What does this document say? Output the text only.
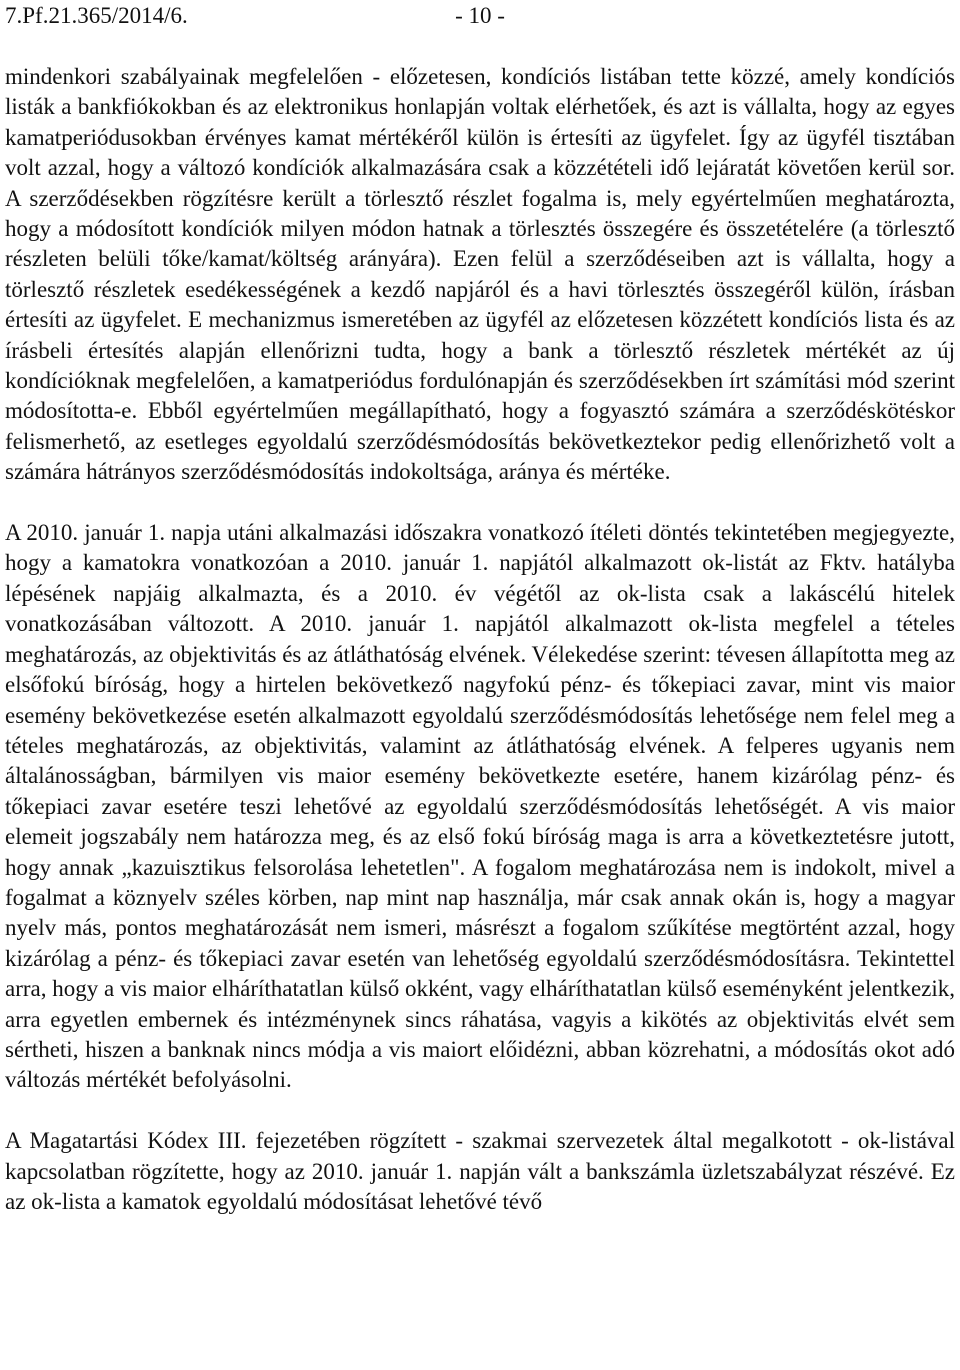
7.Pf.21.365/2014/6.	- 10 -

mindenkori szabályainak megfelelően - előzetesen, kondíciós listában tette közzé, amely kondíciós listák a bankfiókokban és az elektronikus honlapján voltak elérhetőek, és azt is vállalta, hogy az egyes kamatperiódusokban érvényes kamat mértékéről külön is értesíti az ügyfelet. Így az ügyfél tisztában volt azzal, hogy a változó kondíciók alkalmazására csak a közzétételi idő lejáratát követően kerül sor. A szerződésekben rögzítésre került a törlesztő részlet fogalma is, mely egyértelműen meghatározta, hogy a módosított kondíciók milyen módon hatnak a törlesztés összegére és összetételére (a törlesztő részleten belüli tőke/kamat/költség arányára). Ezen felül a szerződéseiben azt is vállalta, hogy a törlesztő részletek esedékességének a kezdő napjáról és a havi törlesztés összegéről külön, írásban értesíti az ügyfelet. E mechanizmus ismeretében az ügyfél az előzetesen közzétett kondíciós lista és az írásbeli értesítés alapján ellenőrizni tudta, hogy a bank a törlesztő részletek mértékét az új kondícióknak megfelelően, a kamatperiódus fordulónapján és szerződésekben írt számítási mód szerint módosította-e. Ebből egyértelműen megállapítható, hogy a fogyasztó számára a szerződéskötéskor felismerhető, az esetleges egyoldalú szerződésmódosítás bekövetkeztekor pedig ellenőrizhető volt a számára hátrányos szerződésmódosítás indokoltsága, aránya és mértéke.

A 2010. január 1. napja utáni alkalmazási időszakra vonatkozó ítéleti döntés tekintetében megjegyezte, hogy a kamatokra vonatkozóan a 2010. január 1. napjától alkalmazott ok-listát az Fktv. hatályba lépésének napjáig alkalmazta, és a 2010. év végétől az ok-lista csak a lakáscélú hitelek vonatkozásában változott. A 2010. január 1. napjától alkalmazott ok-lista megfelel a tételes meghatározás, az objektivitás és az átláthatóság elvének. Vélekedése szerint: tévesen állapította meg az elsőfokú bíróság, hogy a hirtelen bekövetkező nagyfokú pénz- és tőkepiaci zavar, mint vis maior esemény bekövetkezése esetén alkalmazott egyoldalú szerződésmódosítás lehetősége nem felel meg a tételes meghatározás, az objektivitás, valamint az átláthatóság elvének. A felperes ugyanis nem általánosságban, bármilyen vis maior esemény bekövetkezte esetére, hanem kizárólag pénz- és tőkepiaci zavar esetére teszi lehetővé az egyoldalú szerződésmódosítás lehetőségét. A vis maior elemeit jogszabály nem határozza meg, és az első fokú bíróság maga is arra a következtetésre jutott, hogy annak „kazuisztikus felsorolása lehetetlen". A fogalom meghatározása nem is indokolt, mivel a fogalmat a köznyelv széles körben, nap mint nap használja, már csak annak okán is, hogy a magyar nyelv más, pontos meghatározását nem ismeri, másrészt a fogalom szűkítése megtörtént azzal, hogy kizárólag a pénz- és tőkepiaci zavar esetén van lehetőség egyoldalú szerződésmódosításra. Tekintettel arra, hogy a vis maior elháríthatatlan külső okként, vagy elháríthatatlan külső eseményként jelentkezik, arra egyetlen embernek és intézménynek sincs ráhatása, vagyis a kikötés az objektivitás elvét sem sértheti, hiszen a banknak nincs módja a vis maiort előidézni, abban közrehatni, a módosítás okot adó változás mértékét befolyásolni.

A Magatartási Kódex III. fejezetében rögzített - szakmai szervezetek által megalkotott - ok-listával kapcsolatban rögzítette, hogy az 2010. január 1. napján vált a bankszámla üzletszabályzat részévé. Ez az ok-lista a kamatok egyoldalú módosításat lehetővé tévő
